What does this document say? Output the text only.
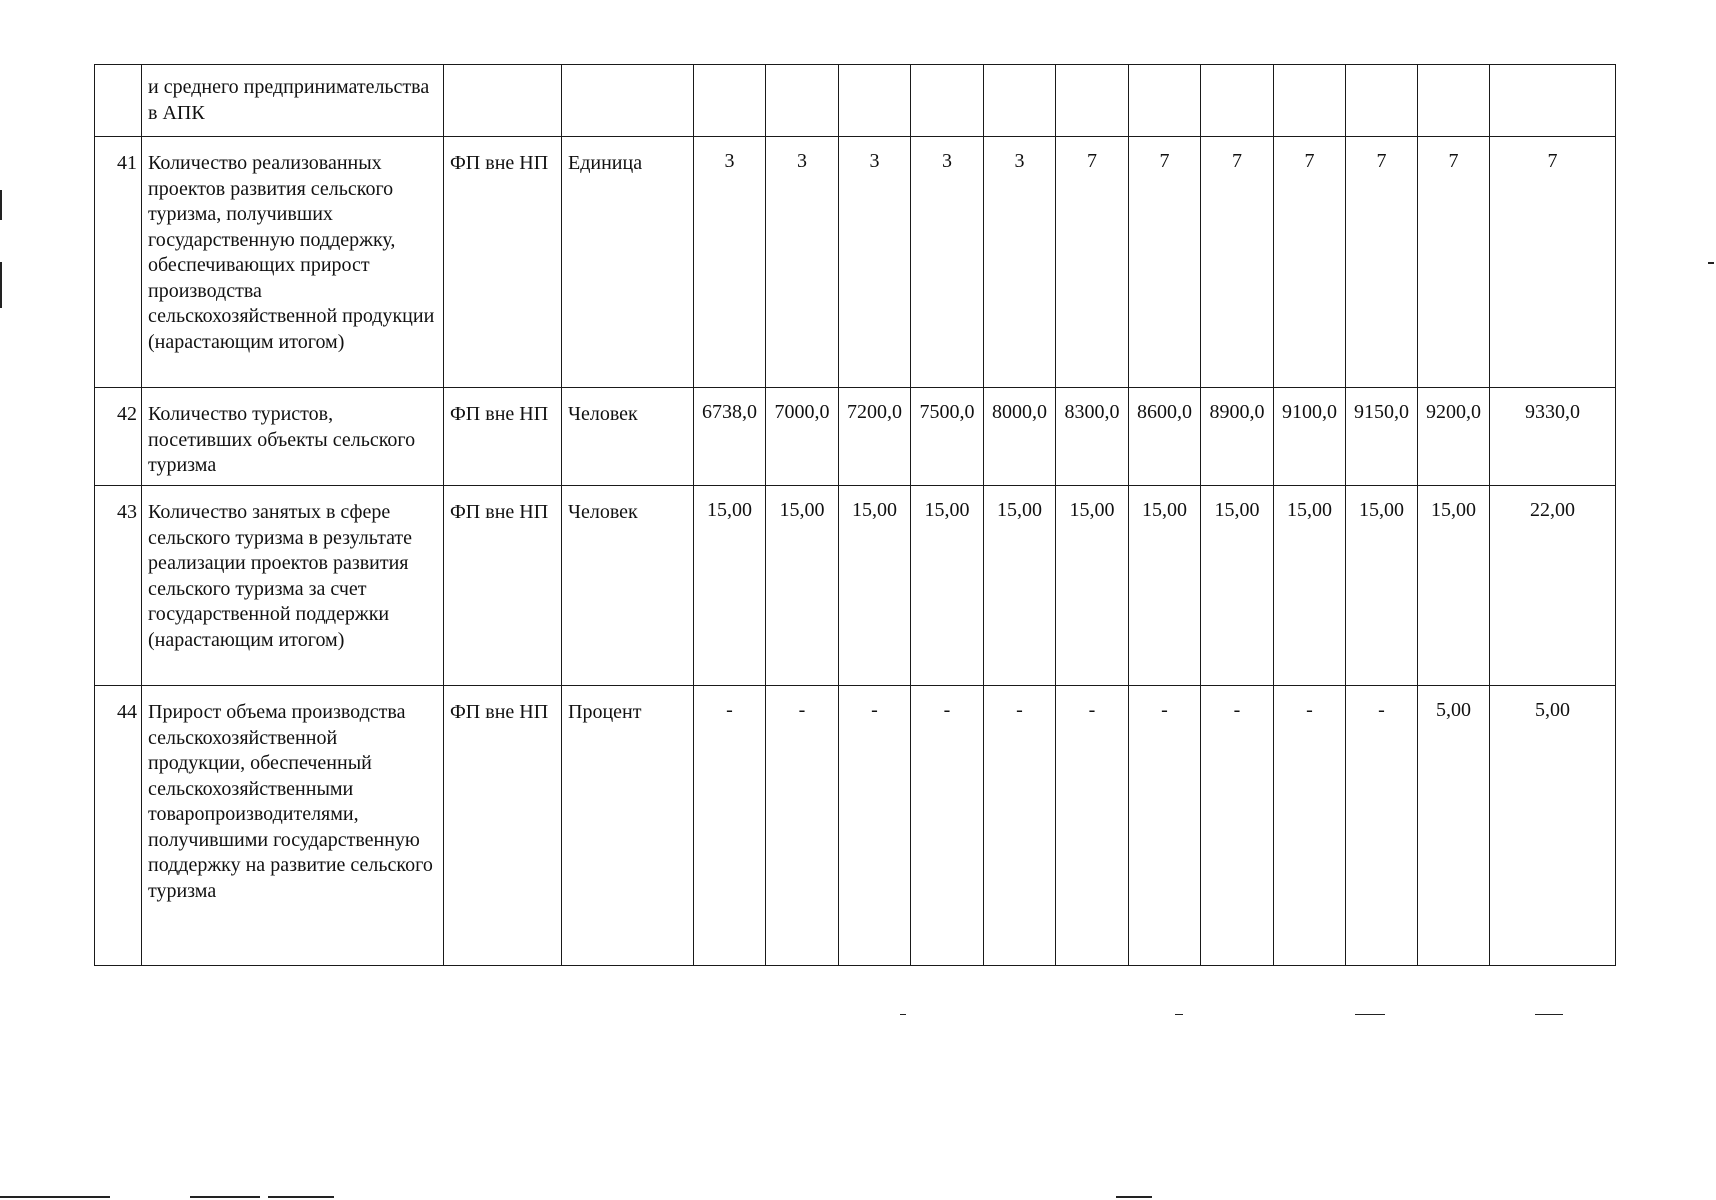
	и среднего предпринимательства в АПК														
41	Количество реализованных проектов развития сельского туризма, получивших государственную поддержку, обеспечивающих прирост производства сельскохозяйственной продукции (нарастающим итогом)	ФП вне НП	Единица	3	3	3	3	3	7	7	7	7	7	7	7
42	Количество туристов, посетивших объекты сельского туризма	ФП вне НП	Человек	6738,0	7000,0	7200,0	7500,0	8000,0	8300,0	8600,0	8900,0	9100,0	9150,0	9200,0	9330,0
43	Количество занятых в сфере сельского туризма в результате реализации проектов развития сельского туризма за счет государственной поддержки (нарастающим итогом)	ФП вне НП	Человек	15,00	15,00	15,00	15,00	15,00	15,00	15,00	15,00	15,00	15,00	15,00	22,00
44	Прирост объема производства сельскохозяйственной продукции, обеспеченный сельскохозяйственными товаропроизводителями, получившими государственную поддержку на развитие сельского туризма	ФП вне НП	Процент	-	-	-	-	-	-	-	-	-	-	5,00	5,00
